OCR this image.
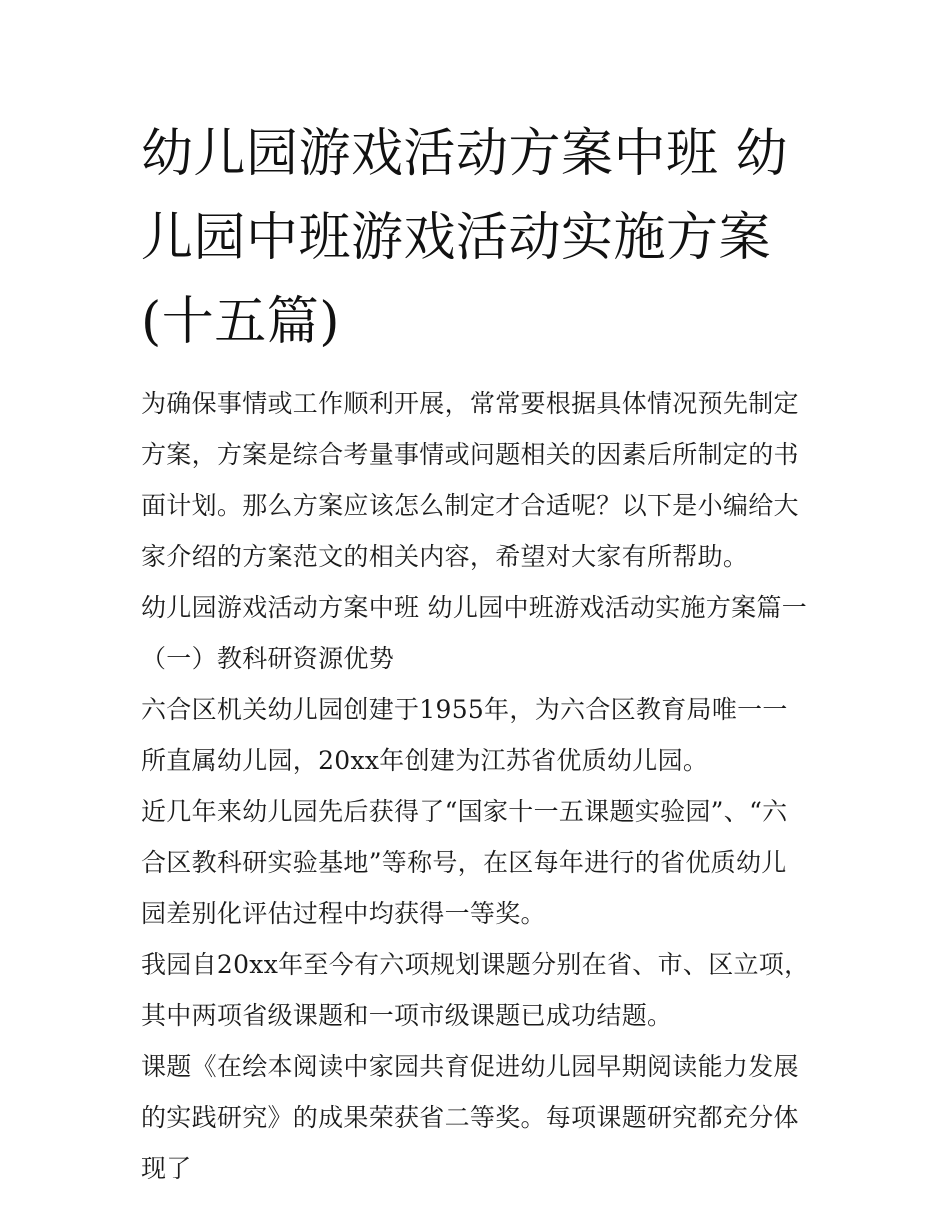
幼儿园游戏活动方案中班 幼儿园中班游戏活动实施方案(十五篇)

为确保事情或工作顺利开展，常常要根据具体情况预先制定方案，方案是综合考量事情或问题相关的因素后所制定的书面计划。那么方案应该怎么制定才合适呢？以下是小编给大家介绍的方案范文的相关内容，希望对大家有所帮助。

幼儿园游戏活动方案中班 幼儿园中班游戏活动实施方案篇一

（一）教科研资源优势

六合区机关幼儿园创建于1955年，为六合区教育局唯一一所直属幼儿园，20xx年创建为江苏省优质幼儿园。

近几年来幼儿园先后获得了“国家十一五课题实验园”、“六合区教科研实验基地”等称号，在区每年进行的省优质幼儿园差别化评估过程中均获得一等奖。

我园自20xx年至今有六项规划课题分别在省、市、区立项，其中两项省级课题和一项市级课题已成功结题。

课题《在绘本阅读中家园共育促进幼儿园早期阅读能力发展的实践研究》的成果荣获省二等奖。每项课题研究都充分体现了
